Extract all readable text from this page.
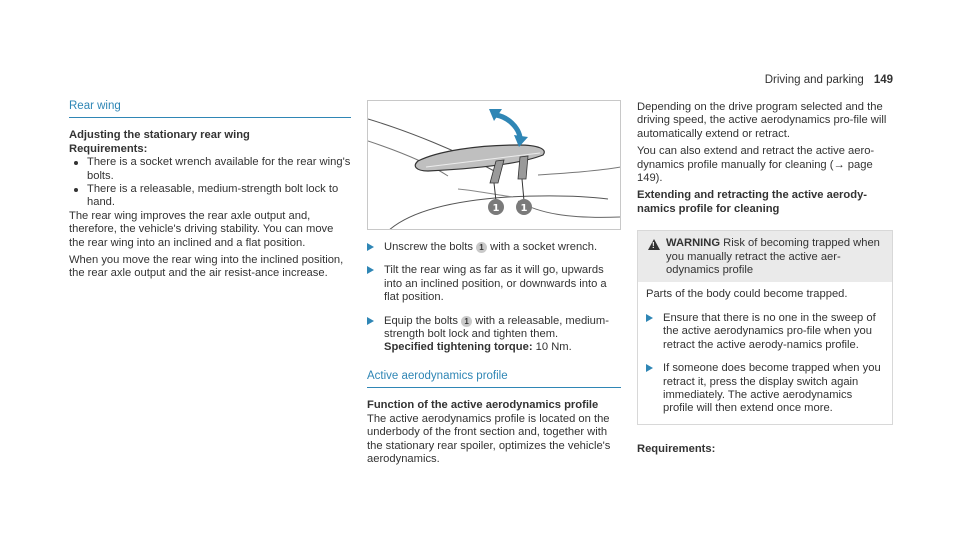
Driving and parking 149
Rear wing
Adjusting the stationary rear wing
Requirements:
There is a socket wrench available for the rear wing's bolts.
There is a releasable, medium-strength bolt lock to hand.

The rear wing improves the rear axle output and, therefore, the vehicle's driving stability. You can move the rear wing into an inclined and a flat position.

When you move the rear wing into the inclined position, the rear axle output and the air resist-ance increase.

1 1
Unscrew the bolts 1 with a socket wrench.
Tilt the rear wing as far as it will go, upwards into an inclined position, or downwards into a flat position.
Equip the bolts 1 with a releasable, medium-strength bolt lock and tighten them.
Specified tightening torque: 10 Nm.
Active aerodynamics profile
Function of the active aerodynamics profile

The active aerodynamics profile is located on the underbody of the front section and, together with the stationary rear spoiler, optimizes the vehicle's aerodynamics.

Depending on the drive program selected and the driving speed, the active aerodynamics pro-file will automatically extend or retract.

You can also extend and retract the active aero-dynamics profile manually for cleaning (→ page 149).

Extending and retracting the active aerody-namics profile for cleaning
!
WARNING Risk of becoming trapped when you manually retract the active aer-odynamics profile

Parts of the body could become trapped.

Ensure that there is no one in the sweep of the active aerodynamics pro-file when you retract the active aerody-namics profile.
If someone does become trapped when you retract it, press the display switch again immediately. The active aerodynamics profile will then extend once more.
Requirements:
